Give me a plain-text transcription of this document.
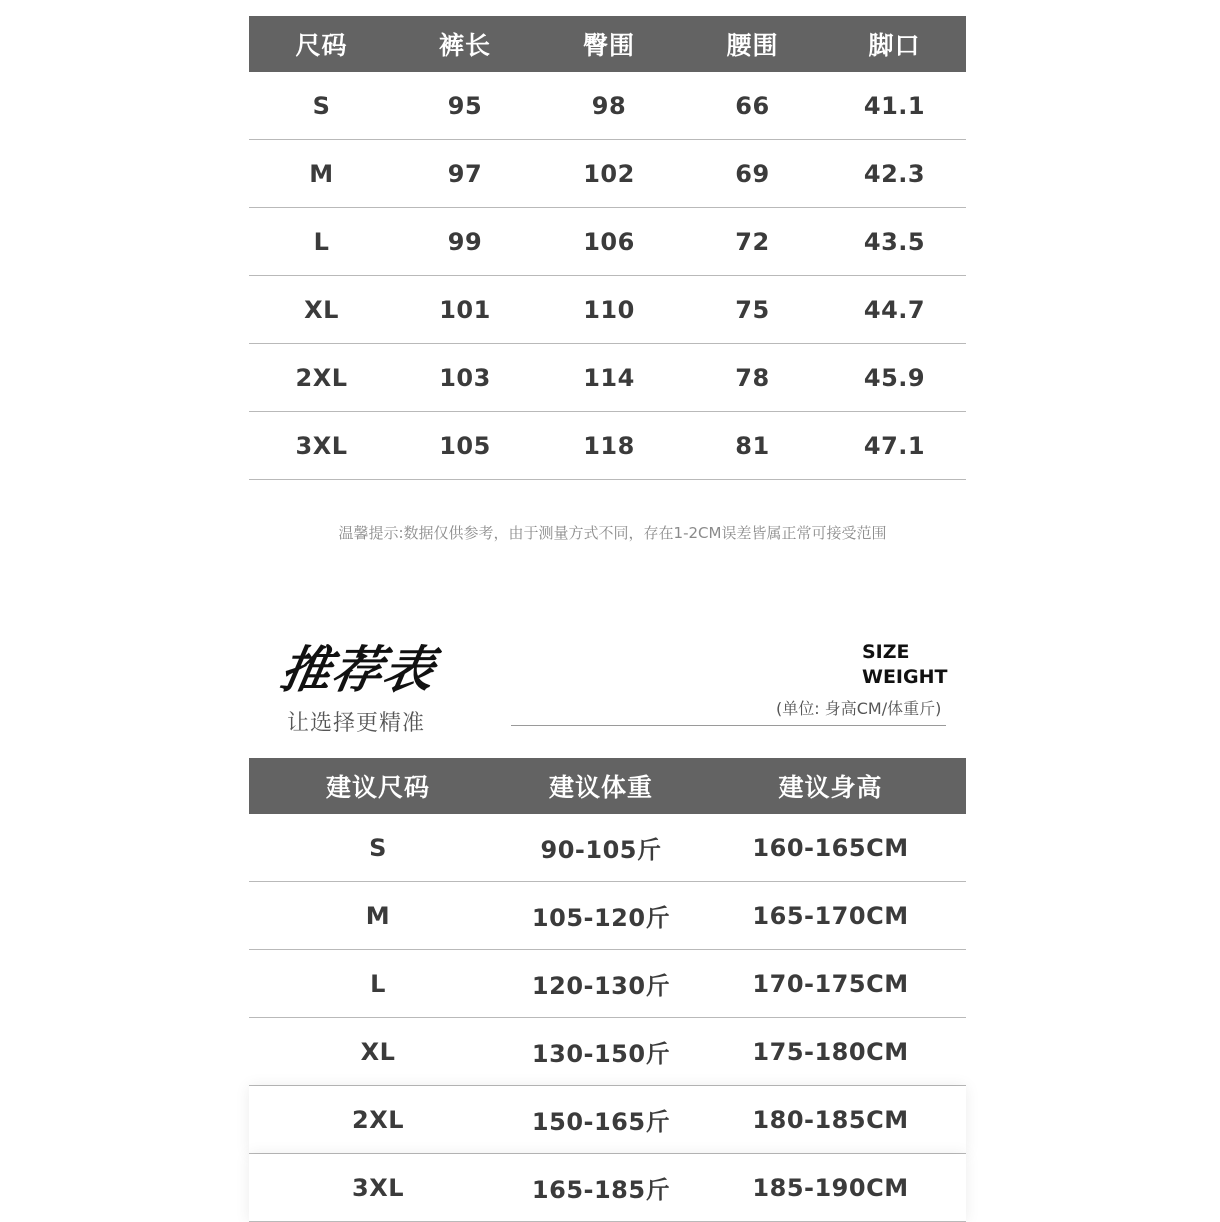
尺码	裤长	臀围	腰围	脚口
S	95	98	66	41.1
M	97	102	69	42.3
L	99	106	72	43.5
XL	101	110	75	44.7
2XL	103	114	78	45.9
3XL	105	118	81	47.1
温馨提示:数据仅供参考，由于测量方式不同，存在1-2CM误差皆属正常可接受范围
推荐表
让选择更精准
SIZE
WEIGHT
(单位: 身高CM/体重斤)
建议尺码	建议体重	建议身高
S	90-105斤	160-165CM
M	105-120斤	165-170CM
L	120-130斤	170-175CM
XL	130-150斤	175-180CM
2XL	150-165斤	180-185CM
3XL	165-185斤	185-190CM
